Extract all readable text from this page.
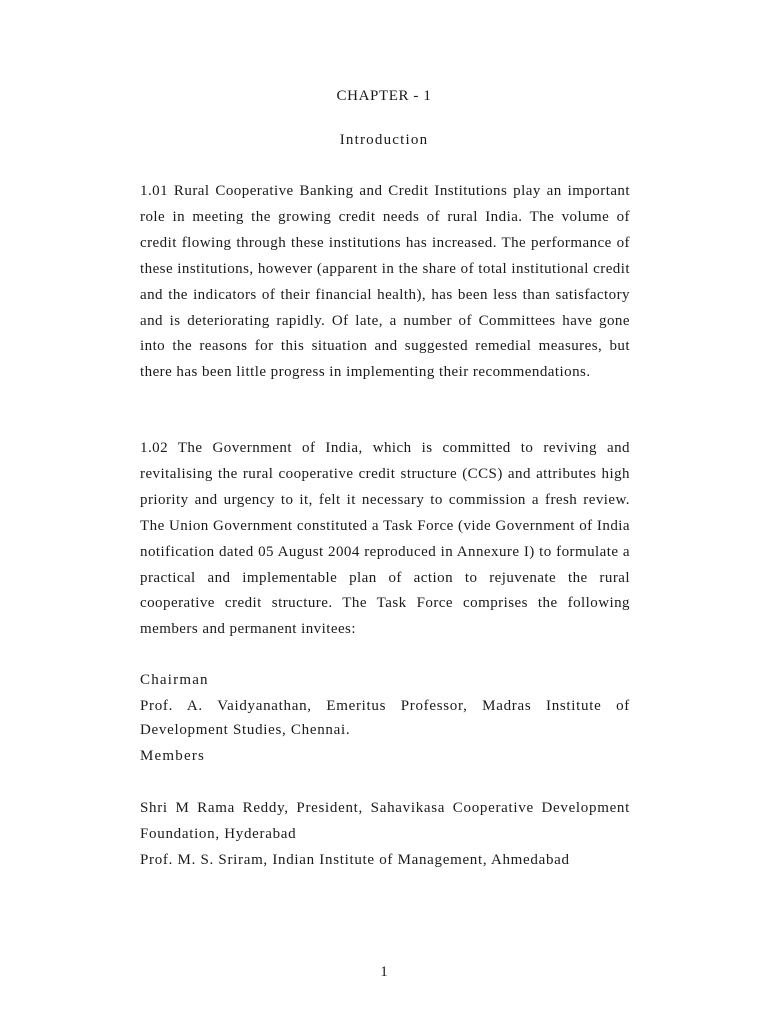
CHAPTER - 1
Introduction

1.01 Rural Cooperative Banking and Credit Institutions play an important role in meeting the growing credit needs of rural India. The volume of credit flowing through these institutions has increased. The performance of these institutions, however (apparent in the share of total institutional credit and the indicators of their financial health), has been less than satisfactory and is deteriorating rapidly. Of late, a number of Committees have gone into the reasons for this situation and suggested remedial measures, but there has been little progress in implementing their recommendations.

1.02 The Government of India, which is committed to reviving and revitalising the rural cooperative credit structure (CCS) and attributes high priority and urgency to it, felt it necessary to commission a fresh review. The Union Government constituted a Task Force (vide Government of India notification dated 05 August 2004 reproduced in Annexure I) to formulate a practical and implementable plan of action to rejuvenate the rural cooperative credit structure. The Task Force comprises the following members and permanent invitees:

Chairman

Prof. A. Vaidyanathan, Emeritus Professor, Madras Institute of

Development Studies, Chennai.

Members

Shri M Rama Reddy, President, Sahavikasa Cooperative Development

Foundation, Hyderabad

Prof. M. S. Sriram, Indian Institute of Management, Ahmedabad

1
